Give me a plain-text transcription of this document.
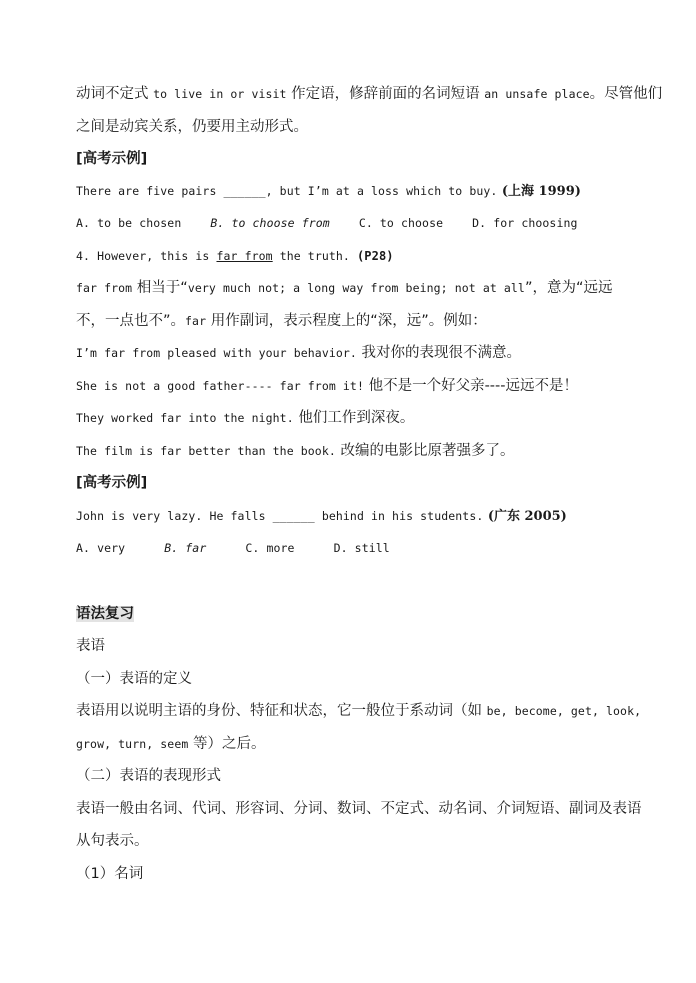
动词不定式 to live in or visit 作定语，修辞前面的名词短语 an unsafe place。尽管他们
之间是动宾关系，仍要用主动形式。
[高考示例]
There are five pairs ______, but I’m at a loss which to buy. (上海 1999)
A. to be chosen	B. to choose from	C. to choose	D. for choosing
4. However, this is far from the truth. (P28)
far from 相当于“very much not; a long way from being; not at all”，意为“远远
不，一点也不”。far 用作副词，表示程度上的“深，远”。例如：
I’m far from pleased with your behavior. 我对你的表现很不满意。
She is not a good father---- far from it! 他不是一个好父亲----远远不是！
They worked far into the night. 他们工作到深夜。
The film is far better than the book. 改编的电影比原著强多了。
[高考示例]
John is very lazy. He falls ______ behind in his students. (广东 2005)
A. very	B. far	C. more	D. still
语法复习
表语
（一）表语的定义
表语用以说明主语的身份、特征和状态，它一般位于系动词（如 be, become, get, look,
grow, turn, seem 等）之后。
（二）表语的表现形式
表语一般由名词、代词、形容词、分词、数词、不定式、动名词、介词短语、副词及表语
从句表示。
（1）名词
